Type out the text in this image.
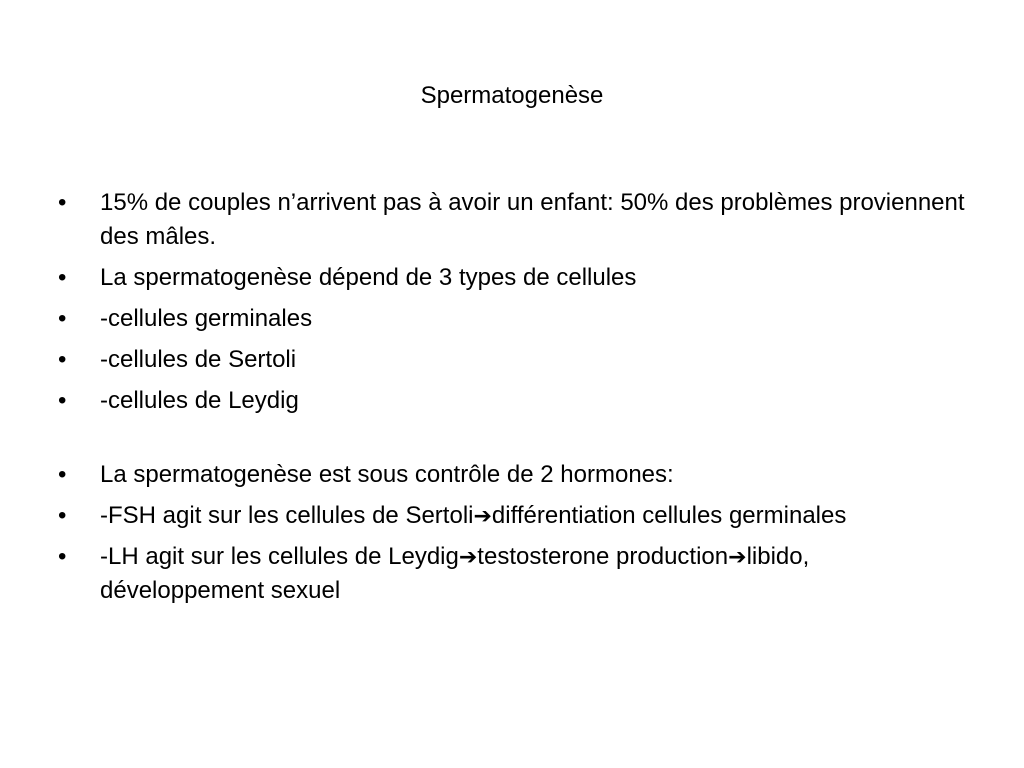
Spermatogenèse
• 15% de couples n’arrivent pas à avoir un enfant: 50% des problèmes proviennent des mâles.
• La spermatogenèse dépend de 3 types de cellules
• -cellules germinales
• -cellules de Sertoli
• -cellules de Leydig
• La spermatogenèse est sous contrôle de 2 hormones:
• -FSH agit sur les cellules de Sertoli➔différentiation cellules germinales
• -LH agit sur les cellules de Leydig➔testosterone production➔libido, développement sexuel
